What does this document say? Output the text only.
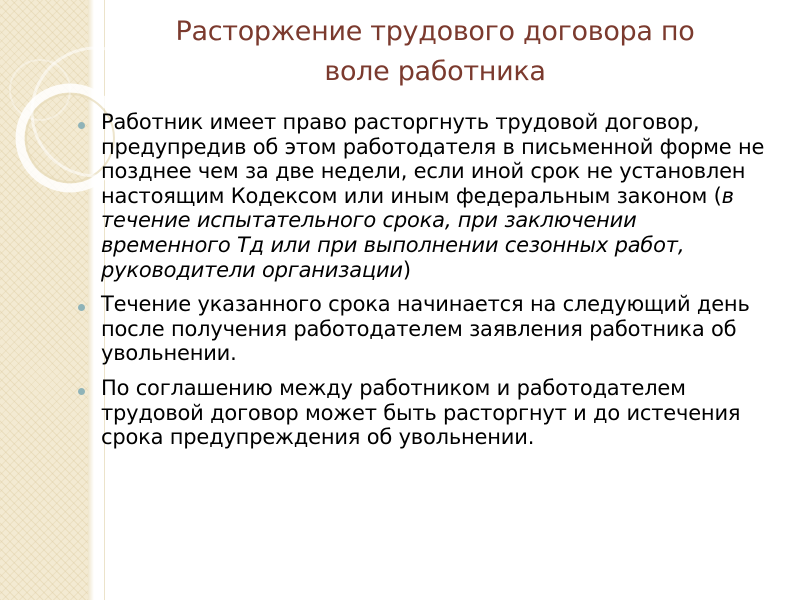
Расторжение трудового договора по
воле работника
Работник имеет право расторгнуть трудовой договор, предупредив об этом работодателя в письменной форме не позднее чем за две недели, если иной срок не установлен настоящим Кодексом или иным федеральным законом (в течение испытательного срока, при заключении временного Тд или при выполнении сезонных работ, руководители организации)
Течение указанного срока начинается на следующий день после получения работодателем заявления работника об увольнении.
По соглашению между работником и работодателем трудовой договор может быть расторгнут и до истечения срока предупреждения об увольнении.
